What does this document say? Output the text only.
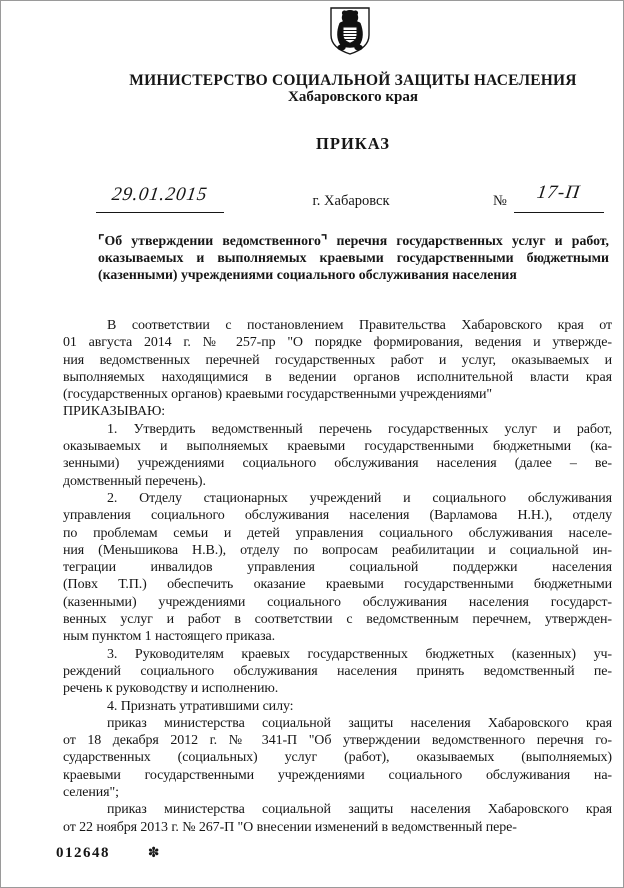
МИНИСТЕРСТВО СОЦИАЛЬНОЙ ЗАЩИТЫ НАСЕЛЕНИЯ
Хабаровского края
ПРИКАЗ
29.01.2015	г. Хабаровск	№	17-П
⌜Об утверждении ведомственного⌝ перечня государственных услуг и работ,
оказываемых и выполняемых краевыми государственными бюджетными
(казенными) учреждениями социального обслуживания населения
В соответствии с постановлением Правительства Хабаровского края от
01 августа 2014 г. № 257-пр "О порядке формирования, ведения и утвержде-
ния ведомственных перечней государственных работ и услуг, оказываемых и
выполняемых находящимися в ведении органов исполнительной власти края
(государственных органов) краевыми государственными учреждениями"
ПРИКАЗЫВАЮ:
1. Утвердить ведомственный перечень государственных услуг и работ,
оказываемых и выполняемых краевыми государственными бюджетными (ка-
зенными) учреждениями социального обслуживания населения (далее – ве-
домственный перечень).
2. Отделу стационарных учреждений и социального обслуживания
управления социального обслуживания населения (Варламова Н.Н.), отделу
по проблемам семьи и детей управления социального обслуживания населе-
ния (Меньшикова Н.В.), отделу по вопросам реабилитации и социальной ин-
теграции инвалидов управления социальной поддержки населения
(Повх Т.П.) обеспечить оказание краевыми государственными бюджетными
(казенными) учреждениями социального обслуживания населения государст-
венных услуг и работ в соответствии с ведомственным перечнем, утвержден-
ным пунктом 1 настоящего приказа.
3. Руководителям краевых государственных бюджетных (казенных) уч-
реждений социального обслуживания населения принять ведомственный пе-
речень к руководству и исполнению.
4. Признать утратившими силу:
приказ министерства социальной защиты населения Хабаровского края
от 18 декабря 2012 г. № 341-П "Об утверждении ведомственного перечня го-
сударственных (социальных) услуг (работ), оказываемых (выполняемых)
краевыми государственными учреждениями социального обслуживания на-
селения";
приказ министерства социальной защиты населения Хабаровского края
от 22 ноября 2013 г. № 267-П "О внесении изменений в ведомственный пере-
012648	✽
